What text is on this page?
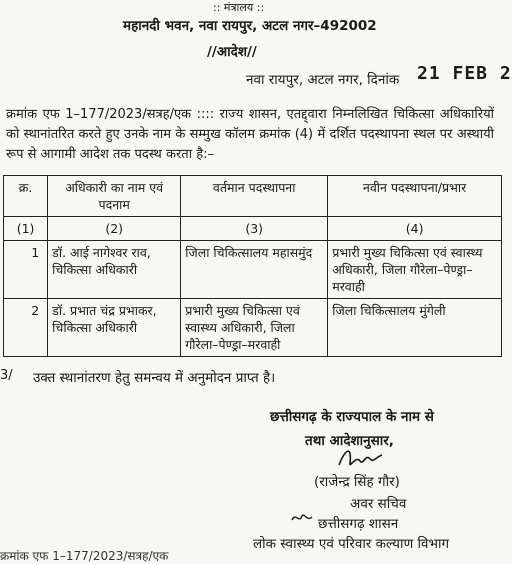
:: मंत्रालय ::
महानदी भवन, नवा रायपुर, अटल नगर–492002
//आदेश//
नवा रायपुर, अटल नगर, दिनांक 21 FEB 2
क्रमांक एफ 1–177/2023/सत्रह/एक :::: राज्य शासन, एतद्द्वारा निम्नलिखित चिकित्सा अधिकारियों को स्थानांतरित करते हुए उनके नाम के सम्मुख कॉलम क्रमांक (4) में दर्शित पदस्थापना स्थल पर अस्थायी रूप से आगामी आदेश तक पदस्थ करता है:–
क्र.	अधिकारी का नाम एवं पदनाम	वर्तमान पदस्थापना	नवीन पदस्थापना/प्रभार
(1)	(2)	(3)	(4)
1	डॉ. आई नागेश्वर राव, चिकित्सा अधिकारी	जिला चिकित्सालय महासमुंद	प्रभारी मुख्य चिकित्सा एवं स्वास्थ्य अधिकारी, जिला गौरेला–पेण्ड्रा–मरवाही
2	डॉ. प्रभात चंद्र प्रभाकर, चिकित्सा अधिकारी	प्रभारी मुख्य चिकित्सा एवं स्वास्थ्य अधिकारी, जिला गौरेला–पेण्ड्रा–मरवाही	जिला चिकित्सालय मुंगेली
3/ उक्त स्थानांतरण हेतु समन्वय में अनुमोदन प्राप्त है।
छत्तीसगढ़ के राज्यपाल के नाम से
तथा आदेशानुसार,
(राजेन्द्र सिंह गौर)
अवर सचिव
छत्तीसगढ़ शासन
लोक स्वास्थ्य एवं परिवार कल्याण विभाग
क्रमांक एफ 1–177/2023/सत्रह/एक
